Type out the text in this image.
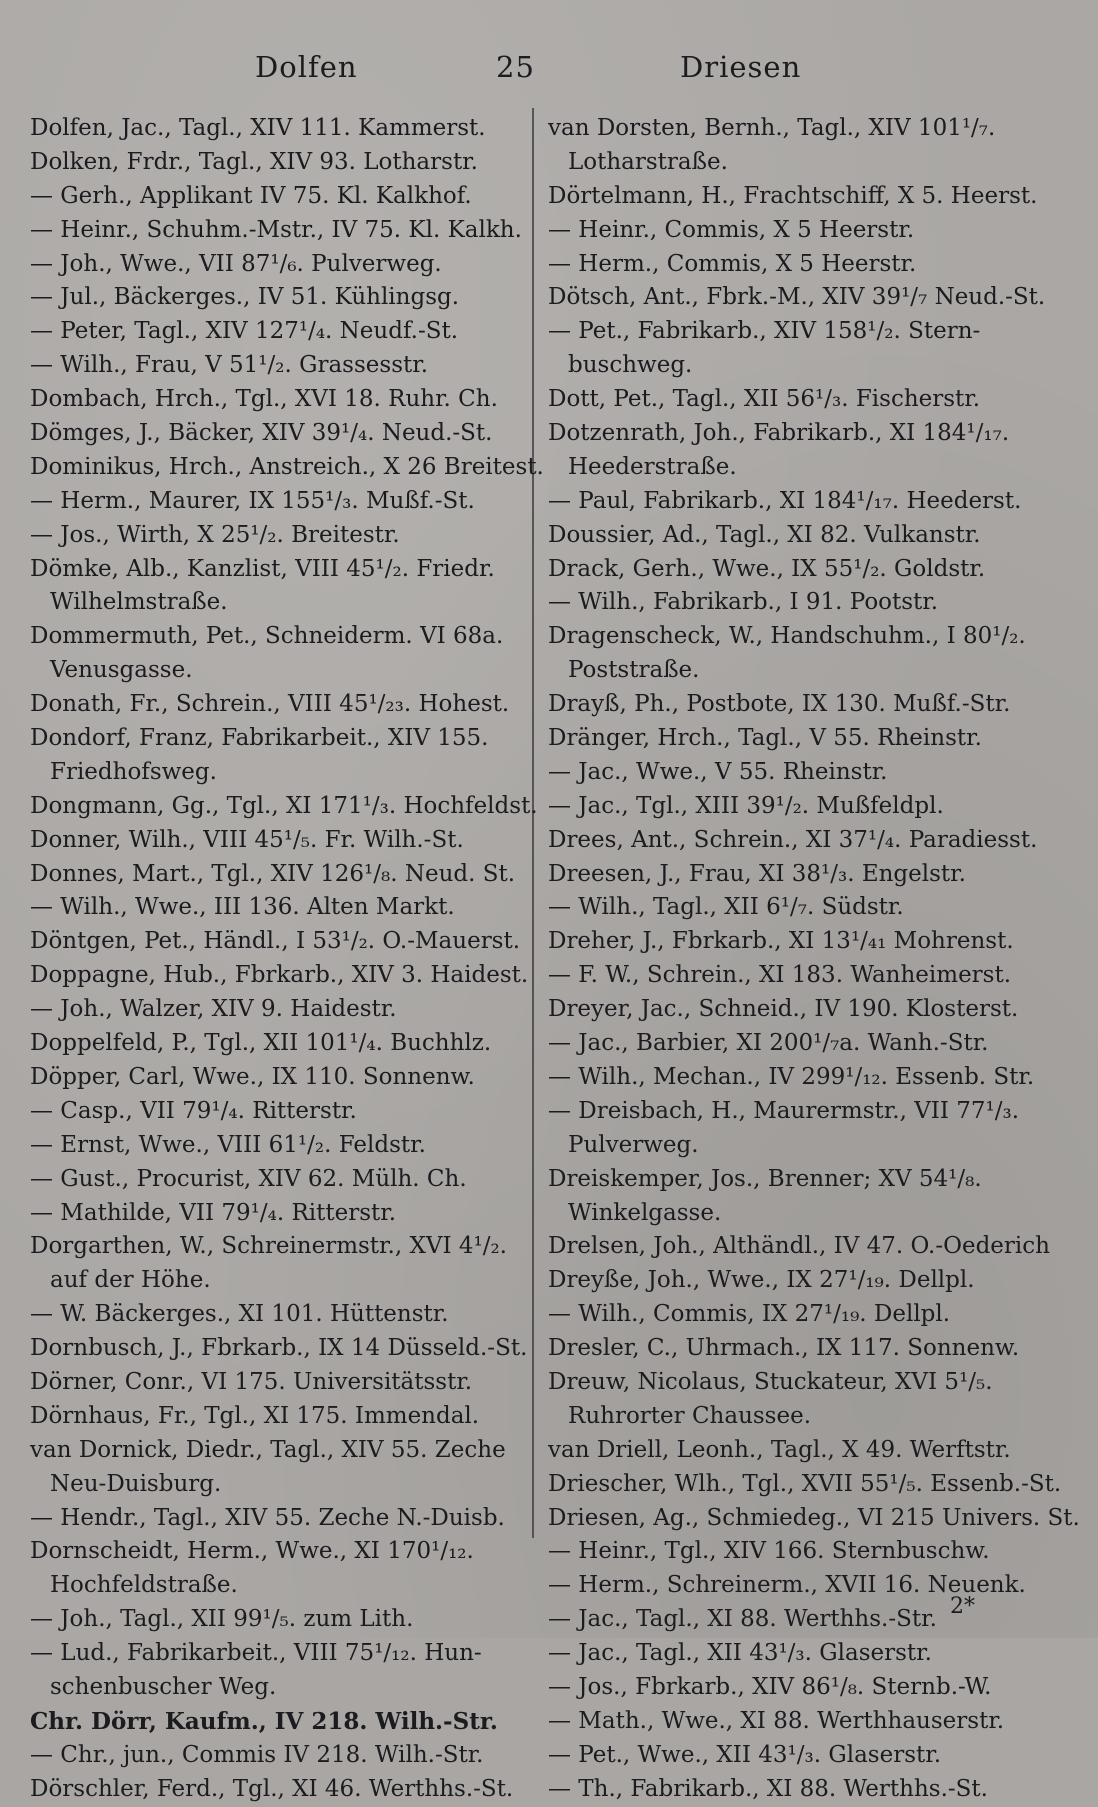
Dolfen	25	Driesen
Dolfen, Jac., Tagl., XIV 111. Kammerst.
Dolken, Frdr., Tagl., XIV 93. Lotharstr.
— Gerh., Applikant IV 75. Kl. Kalkhof.
— Heinr., Schuhm.-Mstr., IV 75. Kl. Kalkh.
— Joh., Wwe., VII 87¹/₆. Pulverweg.
— Jul., Bäckerges., IV 51. Kühlingsg.
— Peter, Tagl., XIV 127¹/₄. Neudf.-St.
— Wilh., Frau, V 51¹/₂. Grassesstr.
Dombach, Hrch., Tgl., XVI 18. Ruhr. Ch.
Dömges, J., Bäcker, XIV 39¹/₄. Neud.-St.
Dominikus, Hrch., Anstreich., X 26 Breitest.
— Herm., Maurer, IX 155¹/₃. Mußf.-St.
— Jos., Wirth, X 25¹/₂. Breitestr.
Dömke, Alb., Kanzlist, VIII 45¹/₂. Friedr.
Wilhelmstraße.
Dommermuth, Pet., Schneiderm. VI 68a.
Venusgasse.
Donath, Fr., Schrein., VIII 45¹/₂₃. Hohest.
Dondorf, Franz, Fabrikarbeit., XIV 155.
Friedhofsweg.
Dongmann, Gg., Tgl., XI 171¹/₃. Hochfeldst.
Donner, Wilh., VIII 45¹/₅. Fr. Wilh.-St.
Donnes, Mart., Tgl., XIV 126¹/₈. Neud. St.
— Wilh., Wwe., III 136. Alten Markt.
Döntgen, Pet., Händl., I 53¹/₂. O.-Mauerst.
Doppagne, Hub., Fbrkarb., XIV 3. Haidest.
— Joh., Walzer, XIV 9. Haidestr.
Doppelfeld, P., Tgl., XII 101¹/₄. Buchhlz.
Döpper, Carl, Wwe., IX 110. Sonnenw.
— Casp., VII 79¹/₄. Ritterstr.
— Ernst, Wwe., VIII 61¹/₂. Feldstr.
— Gust., Procurist, XIV 62. Mülh. Ch.
— Mathilde, VII 79¹/₄. Ritterstr.
Dorgarthen, W., Schreinermstr., XVI 4¹/₂.
auf der Höhe.
— W. Bäckerges., XI 101. Hüttenstr.
Dornbusch, J., Fbrkarb., IX 14 Düsseld.-St.
Dörner, Conr., VI 175. Universitätsstr.
Dörnhaus, Fr., Tgl., XI 175. Immendal.
van Dornick, Diedr., Tagl., XIV 55. Zeche
Neu-Duisburg.
— Hendr., Tagl., XIV 55. Zeche N.-Duisb.
Dornscheidt, Herm., Wwe., XI 170¹/₁₂.
Hochfeldstraße.
— Joh., Tagl., XII 99¹/₅. zum Lith.
— Lud., Fabrikarbeit., VIII 75¹/₁₂. Hun-
schenbuscher Weg.
Chr. Dörr, Kaufm., IV 218. Wilh.-Str.
— Chr., jun., Commis IV 218. Wilh.-Str.
Dörschler, Ferd., Tgl., XI 46. Werthhs.-St.
van Dorsten, Bernh., Tagl., XIV 101¹/₇.
Lotharstraße.
Dörtelmann, H., Frachtschiff, X 5. Heerst.
— Heinr., Commis, X 5 Heerstr.
— Herm., Commis, X 5 Heerstr.
Dötsch, Ant., Fbrk.-M., XIV 39¹/₇ Neud.-St.
— Pet., Fabrikarb., XIV 158¹/₂. Stern-
buschweg.
Dott, Pet., Tagl., XII 56¹/₃. Fischerstr.
Dotzenrath, Joh., Fabrikarb., XI 184¹/₁₇.
Heederstraße.
— Paul, Fabrikarb., XI 184¹/₁₇. Heederst.
Doussier, Ad., Tagl., XI 82. Vulkanstr.
Drack, Gerh., Wwe., IX 55¹/₂. Goldstr.
— Wilh., Fabrikarb., I 91. Pootstr.
Dragenscheck, W., Handschuhm., I 80¹/₂.
Poststraße.
Drayß, Ph., Postbote, IX 130. Mußf.-Str.
Dränger, Hrch., Tagl., V 55. Rheinstr.
— Jac., Wwe., V 55. Rheinstr.
— Jac., Tgl., XIII 39¹/₂. Mußfeldpl.
Drees, Ant., Schrein., XI 37¹/₄. Paradiesst.
Dreesen, J., Frau, XI 38¹/₃. Engelstr.
— Wilh., Tagl., XII 6¹/₇. Südstr.
Dreher, J., Fbrkarb., XI 13¹/₄₁ Mohrenst.
— F. W., Schrein., XI 183. Wanheimerst.
Dreyer, Jac., Schneid., IV 190. Klosterst.
— Jac., Barbier, XI 200¹/₇a. Wanh.-Str.
— Wilh., Mechan., IV 299¹/₁₂. Essenb. Str.
— Dreisbach, H., Maurermstr., VII 77¹/₃.
Pulverweg.
Dreiskemper, Jos., Brenner; XV 54¹/₈.
Winkelgasse.
Drelsen, Joh., Althändl., IV 47. O.-Oederich
Dreyße, Joh., Wwe., IX 27¹/₁₉. Dellpl.
— Wilh., Commis, IX 27¹/₁₉. Dellpl.
Dresler, C., Uhrmach., IX 117. Sonnenw.
Dreuw, Nicolaus, Stuckateur, XVI 5¹/₅.
Ruhrorter Chaussee.
van Driell, Leonh., Tagl., X 49. Werftstr.
Driescher, Wlh., Tgl., XVII 55¹/₅. Essenb.-St.
Driesen, Ag., Schmiedeg., VI 215 Univers. St.
— Heinr., Tgl., XIV 166. Sternbuschw.
— Herm., Schreinerm., XVII 16. Neuenk.
— Jac., Tagl., XI 88. Werthhs.-Str.
— Jac., Tagl., XII 43¹/₃. Glaserstr.
— Jos., Fbrkarb., XIV 86¹/₈. Sternb.-W.
— Math., Wwe., XI 88. Werthhauserstr.
— Pet., Wwe., XII 43¹/₃. Glaserstr.
— Th., Fabrikarb., XI 88. Werthhs.-St.
2*
